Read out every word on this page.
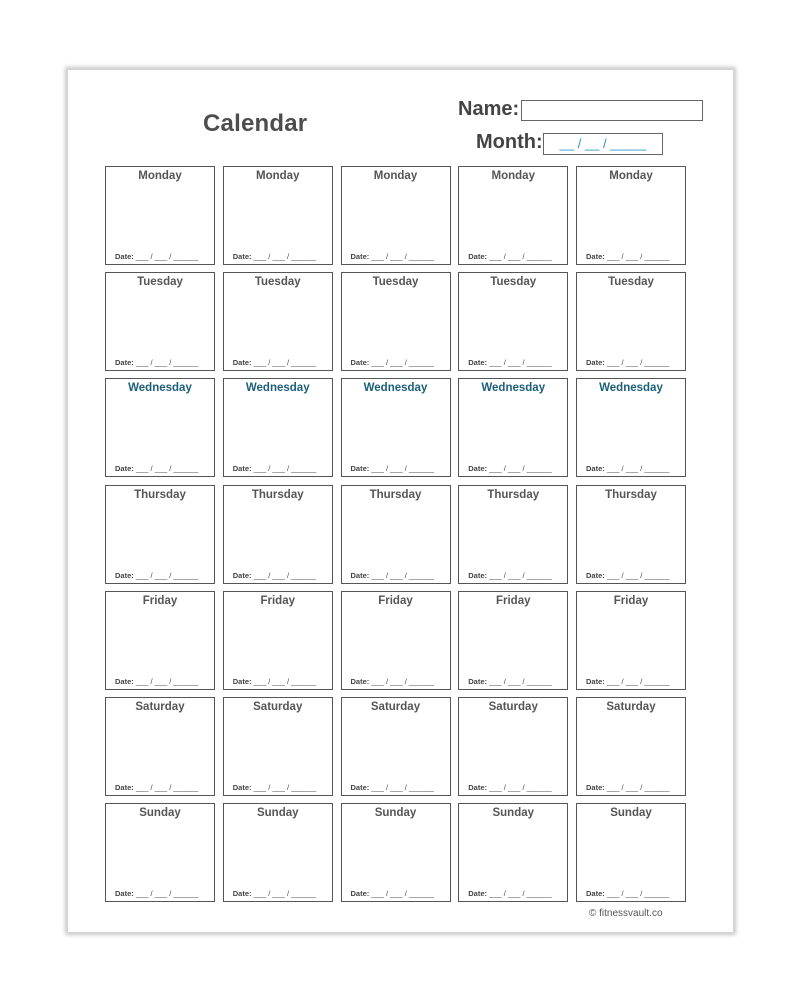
Calendar
Name:
Month:	__ / __ / _____
Monday
Date: ___ / ___ / ______
Monday
Date: ___ / ___ / ______
Monday
Date: ___ / ___ / ______
Monday
Date: ___ / ___ / ______
Monday
Date: ___ / ___ / ______
Tuesday
Date: ___ / ___ / ______
Tuesday
Date: ___ / ___ / ______
Tuesday
Date: ___ / ___ / ______
Tuesday
Date: ___ / ___ / ______
Tuesday
Date: ___ / ___ / ______
Wednesday
Date: ___ / ___ / ______
Wednesday
Date: ___ / ___ / ______
Wednesday
Date: ___ / ___ / ______
Wednesday
Date: ___ / ___ / ______
Wednesday
Date: ___ / ___ / ______
Thursday
Date: ___ / ___ / ______
Thursday
Date: ___ / ___ / ______
Thursday
Date: ___ / ___ / ______
Thursday
Date: ___ / ___ / ______
Thursday
Date: ___ / ___ / ______
Friday
Date: ___ / ___ / ______
Friday
Date: ___ / ___ / ______
Friday
Date: ___ / ___ / ______
Friday
Date: ___ / ___ / ______
Friday
Date: ___ / ___ / ______
Saturday
Date: ___ / ___ / ______
Saturday
Date: ___ / ___ / ______
Saturday
Date: ___ / ___ / ______
Saturday
Date: ___ / ___ / ______
Saturday
Date: ___ / ___ / ______
Sunday
Date: ___ / ___ / ______
Sunday
Date: ___ / ___ / ______
Sunday
Date: ___ / ___ / ______
Sunday
Date: ___ / ___ / ______
Sunday
Date: ___ / ___ / ______
© fitnessvault.co
